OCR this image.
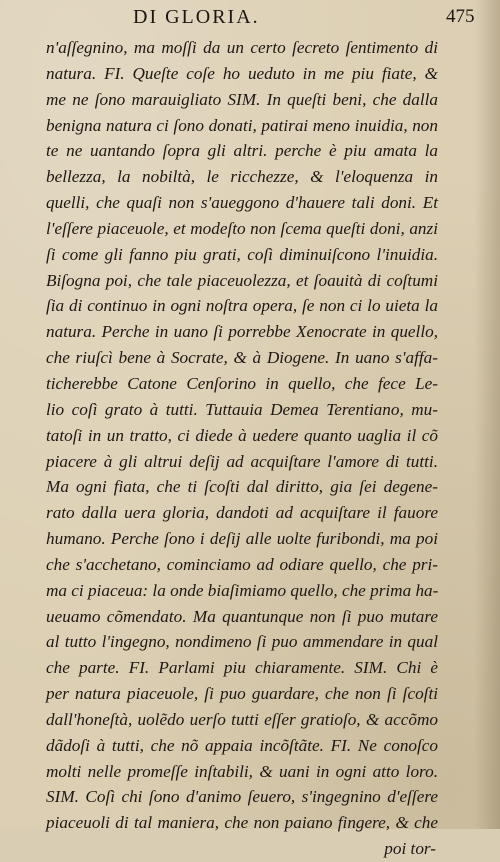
DI GLORIA.	475
n'aſſegnino, ma moſſi da un certo ſecreto ſentimento di
natura. FI. Queſte coſe ho ueduto in me piu fiate, &
me ne ſono marauigliato SIM. In queſti beni, che dalla
benigna natura ci ſono donati, patirai meno inuidia, non
te ne uantando ſopra gli altri. perche è piu amata la
bellezza, la nobiltà, le ricchezze, & l'eloquenza in
quelli, che quaſi non s'aueggono d'hauere tali doni. Et
l'eſſere piaceuole, et modeſto non ſcema queſti doni, anzi
ſi come gli fanno piu grati, coſì diminuiſcono l'inuidia.
Biſogna poi, che tale piaceuolezza, et ſoauità di coſtumi
ſia di continuo in ogni noſtra opera, ſe non ci lo uieta la
natura. Perche in uano ſi porrebbe Xenocrate in quello,
che riuſcì bene à Socrate, & à Diogene. In uano s'affa-
ticherebbe Catone Cenſorino in quello, che fece Le-
lio coſì grato à tutti. Tuttauia Demea Terentiano, mu-
tatoſi in un tratto, ci diede à uedere quanto uaglia il cõ
piacere à gli altrui deſij ad acquiſtare l'amore di tutti.
Ma ogni fiata, che ti ſcoſti dal diritto, gia ſei degene-
rato dalla uera gloria, dandoti ad acquiſtare il fauore
humano. Perche ſono i deſij alle uolte furibondi, ma poi
che s'acchetano, cominciamo ad odiare quello, che pri-
ma ci piaceua: la onde biaſimiamo quello, che prima ha-
ueuamo cõmendato. Ma quantunque non ſi puo mutare
al tutto l'ingegno, nondimeno ſi puo ammendare in qual
che parte. FI. Parlami piu chiaramente. SIM. Chi è
per natura piaceuole, ſi puo guardare, che non ſi ſcoſti
dall'honeſtà, uolẽdo uerſo tutti eſſer gratioſo, & accõmo
dãdoſi à tutti, che nõ appaia incõſtãte. FI. Ne conoſco
molti nelle promeſſe inſtabili, & uani in ogni atto loro.
SIM. Coſì chi ſono d'animo ſeuero, s'ingegnino d'eſſere
piaceuoli di tal maniera, che non paiano fingere, & che
poi tor-
